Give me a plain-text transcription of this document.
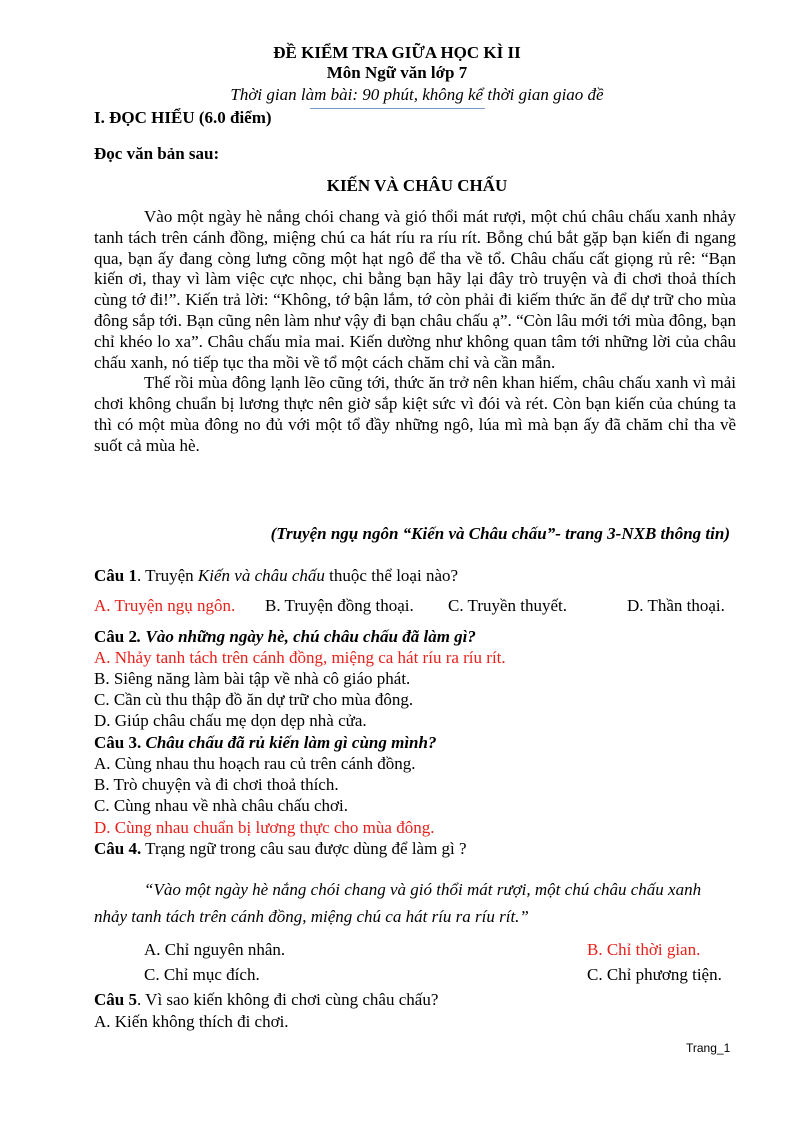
ĐỀ KIỂM TRA GIỮA HỌC KÌ II
Môn Ngữ văn lớp 7
Thời gian làm bài: 90 phút, không kể thời gian giao đề
I. ĐỌC HIỂU (6.0 điểm)
Đọc văn bản sau:
KIẾN VÀ CHÂU CHẤU

Vào một ngày hè nắng chói chang và gió thổi mát rượi, một chú châu chấu xanh nhảy tanh tách trên cánh đồng, miệng chú ca hát ríu ra ríu rít. Bỗng chú bắt gặp bạn kiến đi ngang qua, bạn ấy đang còng lưng cõng một hạt ngô để tha về tổ. Châu chấu cất giọng rủ rê: “Bạn kiến ơi, thay vì làm việc cực nhọc, chi bằng bạn hãy lại đây trò truyện và đi chơi thoả thích cùng tớ đi!”. Kiến trả lời: “Không, tớ bận lắm, tớ còn phải đi kiếm thức ăn để dự trữ cho mùa đông sắp tới. Bạn cũng nên làm như vậy đi bạn châu chấu ạ”. “Còn lâu mới tới mùa đông, bạn chỉ khéo lo xa”. Châu chấu mỉa mai. Kiến dường như không quan tâm tới những lời của châu chấu xanh, nó tiếp tục tha mồi về tổ một cách chăm chỉ và cần mẫn.

Thế rồi mùa đông lạnh lẽo cũng tới, thức ăn trở nên khan hiếm, châu chấu xanh vì mải chơi không chuẩn bị lương thực nên giờ sắp kiệt sức vì đói và rét. Còn bạn kiến của chúng ta thì có một mùa đông no đủ với một tổ đầy những ngô, lúa mì mà bạn ấy đã chăm chỉ tha về suốt cả mùa hè.

(Truyện ngụ ngôn “Kiến và Châu chấu”- trang 3-NXB thông tin)
Câu 1. Truyện Kiến và châu chấu thuộc thể loại nào?
A. Truyện ngụ ngôn. B. Truyện đồng thoại. C. Truyền thuyết.	D. Thần thoại.
Câu 2. Vào những ngày hè, chú châu chấu đã làm gì?
A. Nhảy tanh tách trên cánh đồng, miệng ca hát ríu ra ríu rít.
B. Siêng năng làm bài tập về nhà cô giáo phát.
C. Cần cù thu thập đồ ăn dự trữ cho mùa đông.
D. Giúp châu chấu mẹ dọn dẹp nhà cửa.
Câu 3. Châu chấu đã rủ kiến làm gì cùng mình?
A. Cùng nhau thu hoạch rau củ trên cánh đồng.
B. Trò chuyện và đi chơi thoả thích.
C. Cùng nhau về nhà châu chấu chơi.
D. Cùng nhau chuẩn bị lương thực cho mùa đông.
Câu 4. Trạng ngữ trong câu sau được dùng để làm gì ?

“Vào một ngày hè nắng chói chang và gió thổi mát rượi, một chú châu chấu xanh nhảy tanh tách trên cánh đồng, miệng chú ca hát ríu ra ríu rít.”

A. Chỉ nguyên nhân.	B. Chỉ thời gian.
C. Chỉ mục đích.	C. Chỉ phương tiện.
Câu 5. Vì sao kiến không đi chơi cùng châu chấu?
A. Kiến không thích đi chơi.
Trang_1
